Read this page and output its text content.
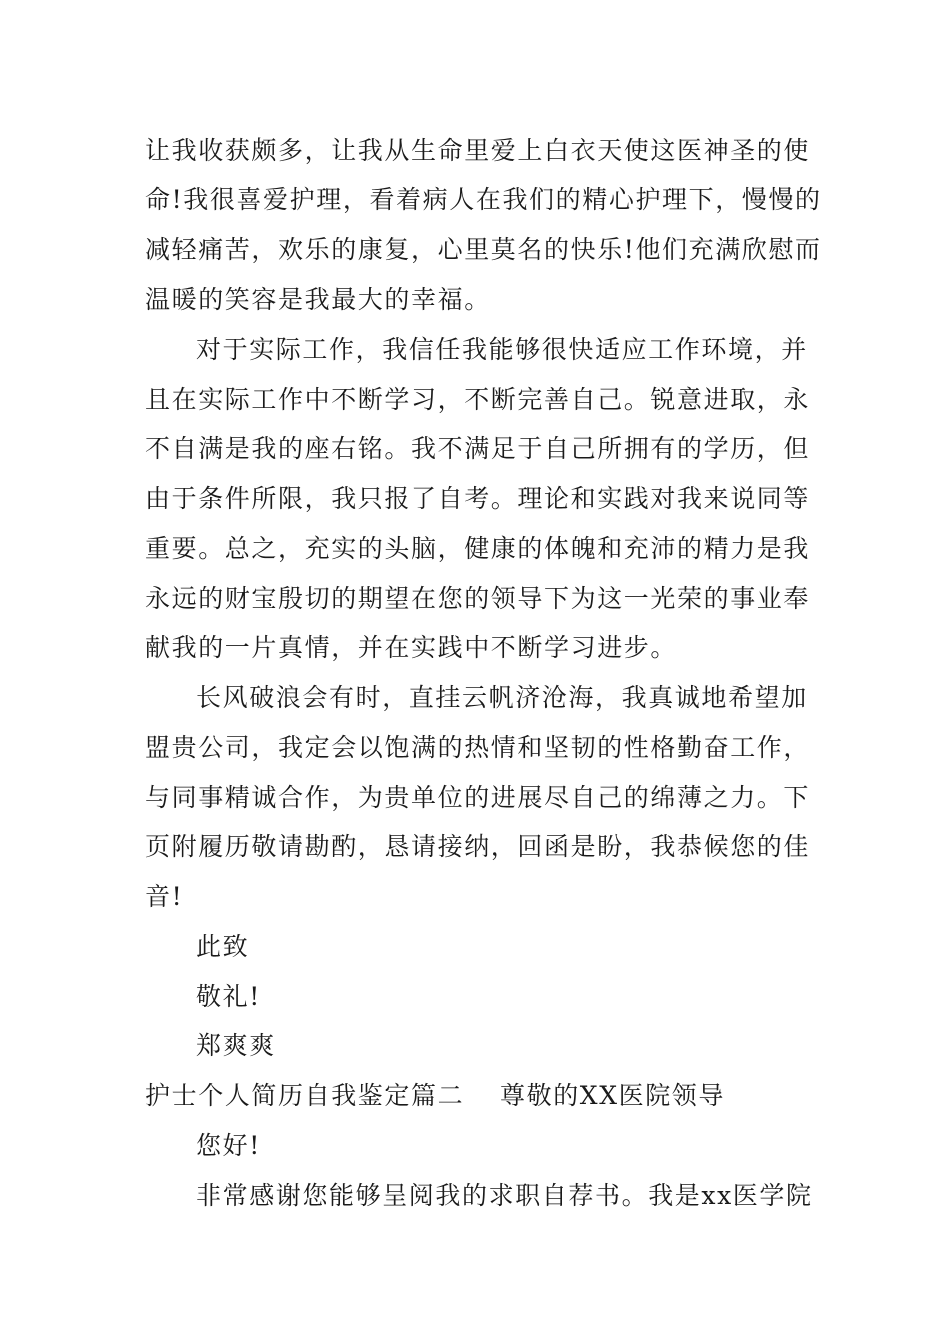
让我收获颇多，让我从生命里爱上白衣天使这医神圣的使
命!我很喜爱护理，看着病人在我们的精心护理下，慢慢的
减轻痛苦，欢乐的康复，心里莫名的快乐!他们充满欣慰而
温暖的笑容是我最大的幸福。
对于实际工作，我信任我能够很快适应工作环境，并
且在实际工作中不断学习，不断完善自己。锐意进取，永
不自满是我的座右铭。我不满足于自己所拥有的学历，但
由于条件所限，我只报了自考。理论和实践对我来说同等
重要。总之，充实的头脑，健康的体魄和充沛的精力是我
永远的财宝殷切的期望在您的领导下为这一光荣的事业奉
献我的一片真情，并在实践中不断学习进步。
长风破浪会有时，直挂云帆济沧海，我真诚地希望加
盟贵公司，我定会以饱满的热情和坚韧的性格勤奋工作，
与同事精诚合作，为贵单位的进展尽自己的绵薄之力。下
页附履历敬请勘酌，恳请接纳，回函是盼，我恭候您的佳
音!
此致
敬礼!
郑爽爽
护士个人简历自我鉴定篇二 尊敬的XX医院领导
您好!
非常感谢您能够呈阅我的求职自荐书。我是xx医学院
